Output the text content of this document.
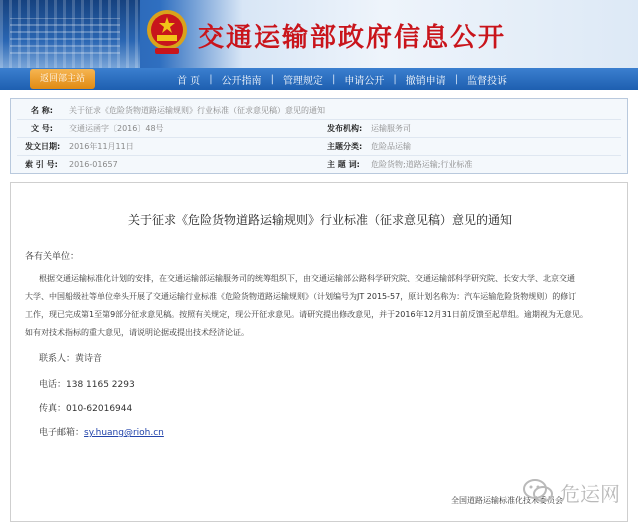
交通运输部政府信息公开
返回部主站	首 页 | 公开指南 | 管理规定 | 申请公开 | 撤销申请 | 监督投诉
名 称: 关于征求《危险货物道路运输规则》行业标准（征求意见稿）意见的通知
文 号: 交通运函字〔2016〕48号	发布机构: 运输服务司
发文日期: 2016年11月11日	主题分类: 危险品运输
索 引 号: 2016-01657	主 题 词: 危险货物;道路运输;行业标准
关于征求《危险货物道路运输规则》行业标准（征求意见稿）意见的通知
各有关单位：
根据交通运输标准化计划的安排，在交通运输部运输服务司的统筹组织下，由交通运输部公路科学研究院、交通运输部科学研究院、长安大学、北京交通
大学、中国船级社等单位牵头开展了交通运输行业标准《危险货物道路运输规则》（计划编号为JT 2015-57，原计划名称为：汽车运输危险货物规则）的修订
工作，现已完成第1至第9部分征求意见稿。按照有关规定，现公开征求意见。请研究提出修改意见，并于2016年12月31日前反馈至起草组。逾期视为无意见。
如有对技术指标的重大意见，请说明论据或提出技术经济论证。
联系人：黄诗音
电话：138 1165 2293
传真：010-62016944
电子邮箱：sy.huang@rioh.cn
全国道路运输标准化技术委员会
危运网
